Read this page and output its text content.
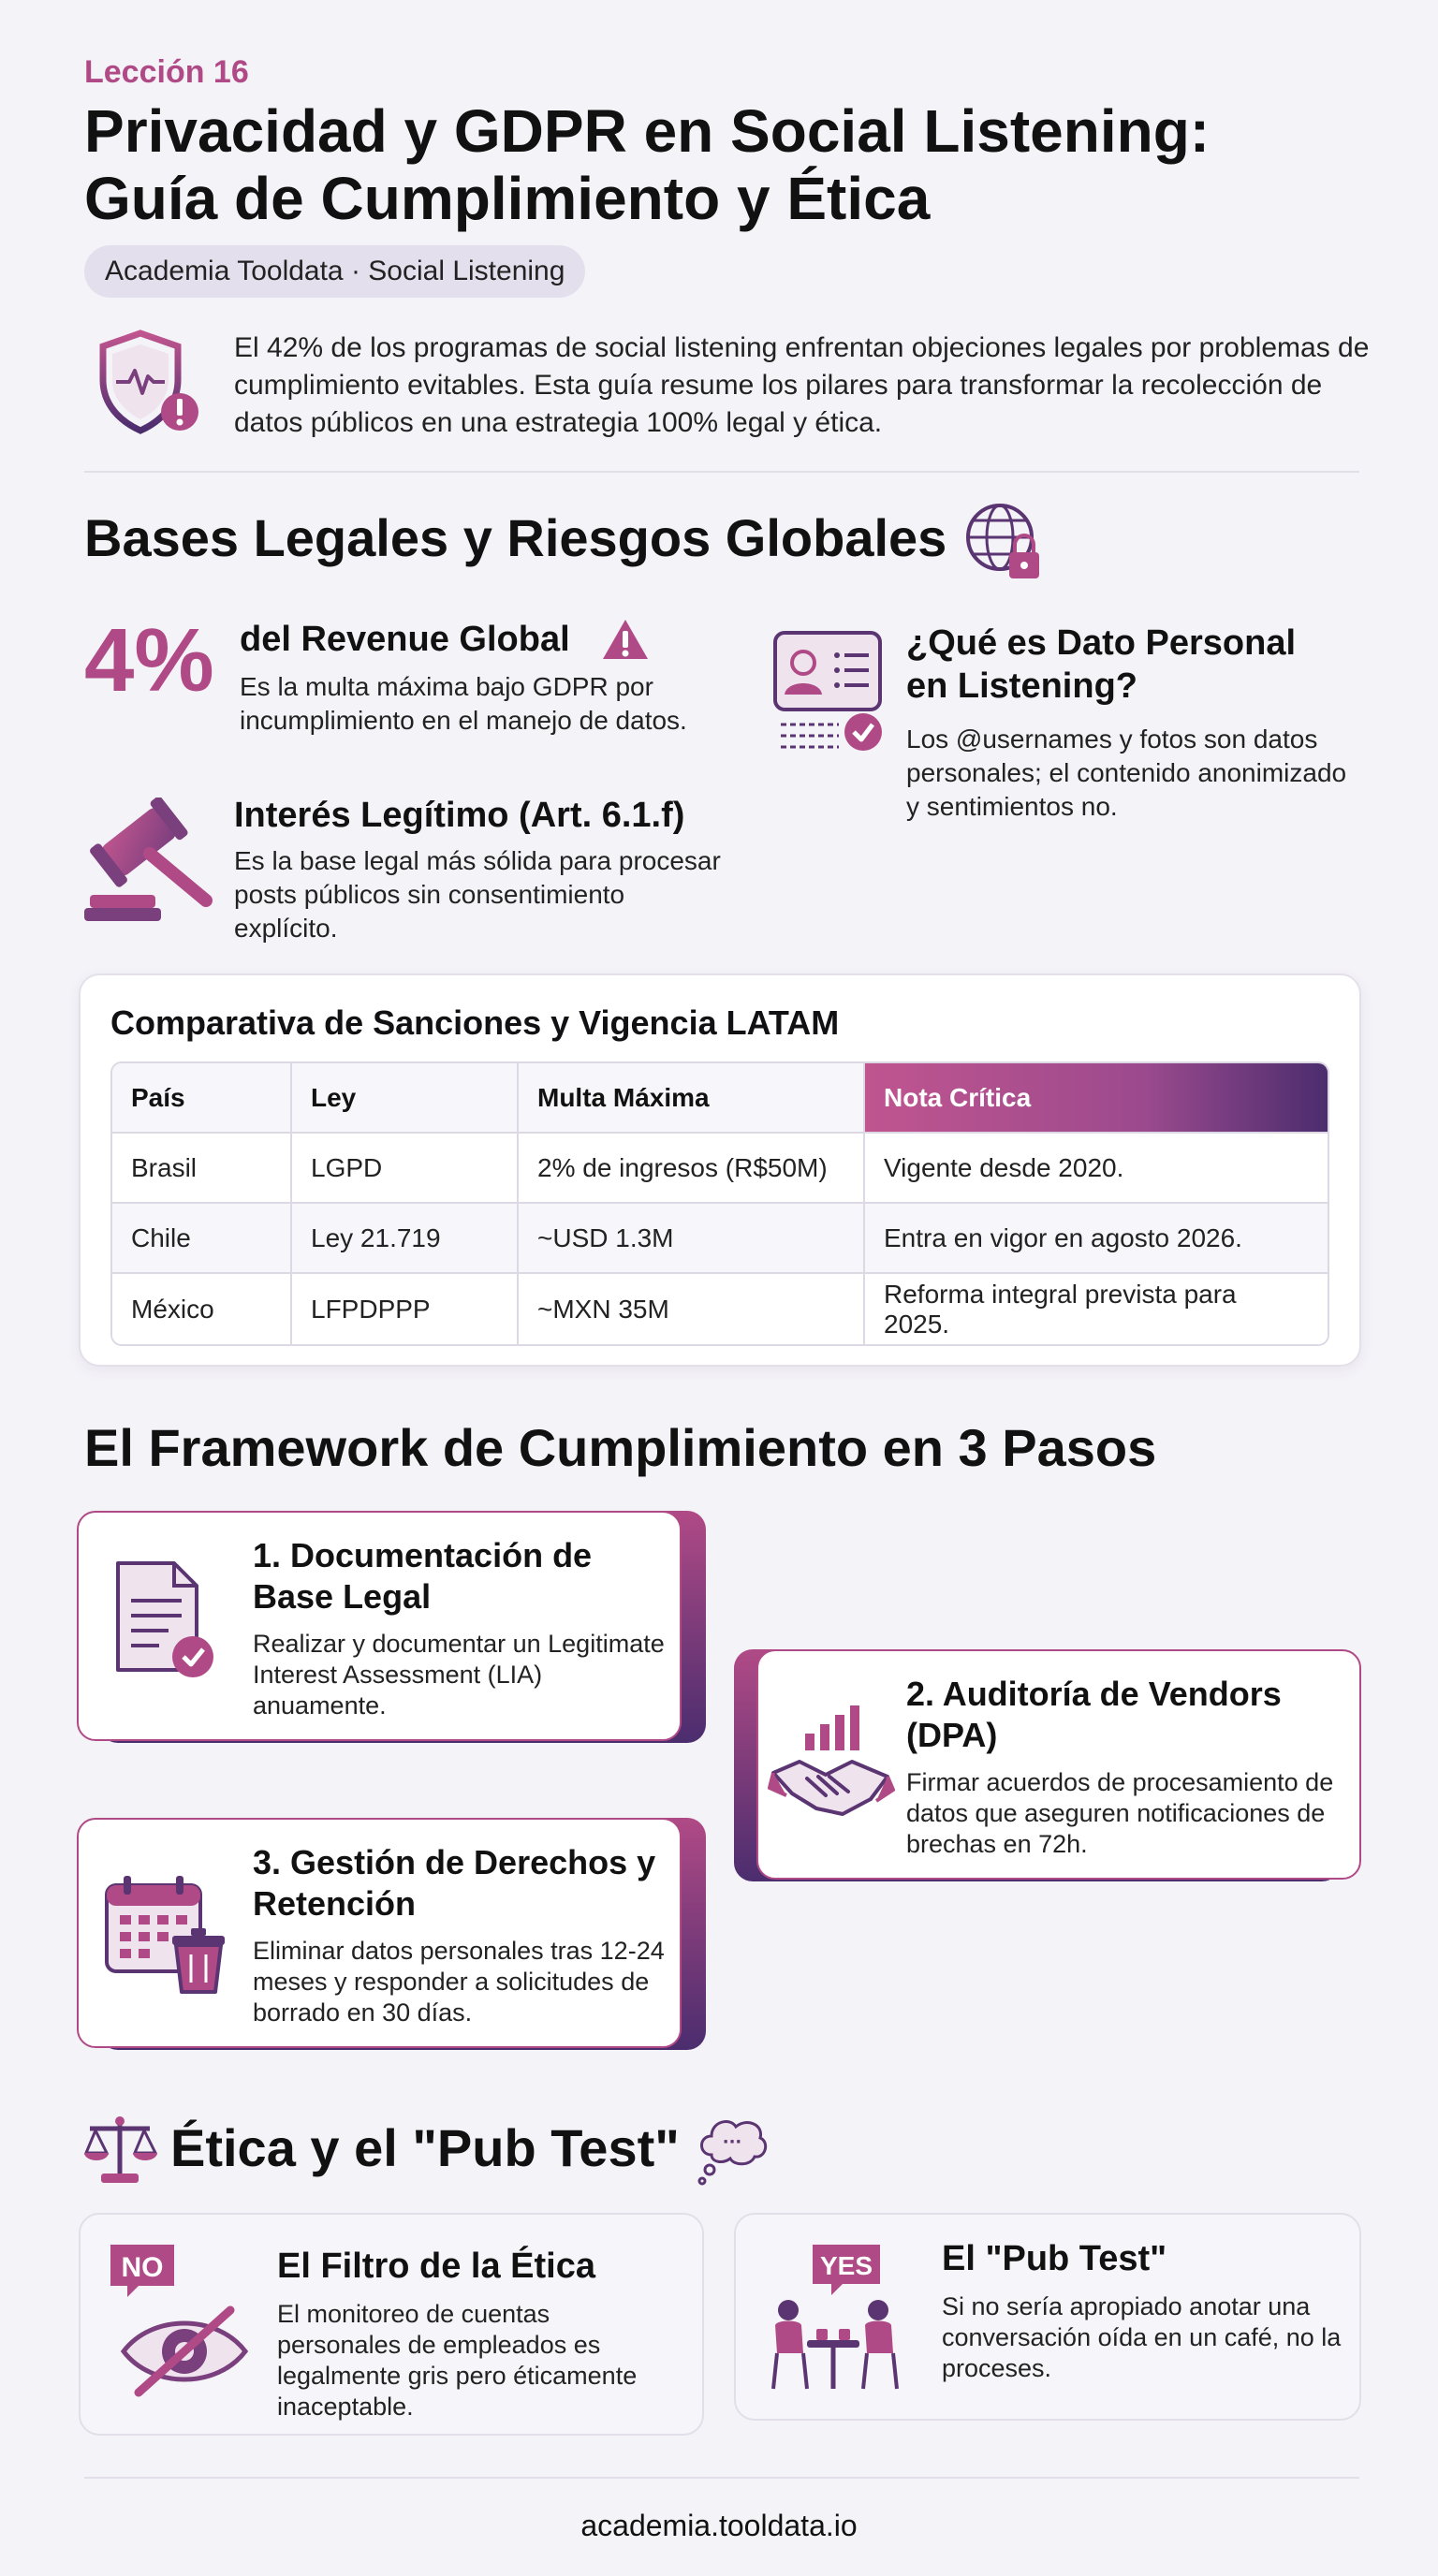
Lección 16
Privacidad y GDPR en Social Listening:
Guía de Cumplimiento y Ética
Academia Tooldata · Social Listening
El 42% de los programas de social listening enfrentan objeciones legales por problemas de cumplimiento evitables. Esta guía resume los pilares para transformar la recolección de datos públicos en una estrategia 100% legal y ética.
Bases Legales y Riesgos Globales
4% del Revenue Global
Es la multa máxima bajo GDPR por incumplimiento en el manejo de datos.
¿Qué es Dato Personal en Listening?
Los @usernames y fotos son datos personales; el contenido anonimizado y sentimientos no.
Interés Legítimo (Art. 6.1.f)
Es la base legal más sólida para procesar posts públicos sin consentimiento explícito.
Comparativa de Sanciones y Vigencia LATAM
País	Ley	Multa Máxima	Nota Crítica
Brasil	LGPD	2% de ingresos (R$50M)	Vigente desde 2020.
Chile	Ley 21.719	~USD 1.3M	Entra en vigor en agosto 2026.
México	LFPDPPP	~MXN 35M	Reforma integral prevista para 2025.
El Framework de Cumplimiento en 3 Pasos
1. Documentación de Base Legal
Realizar y documentar un Legitimate Interest Assessment (LIA) anuamente.	2. Auditoría de Vendors (DPA)
Firmar acuerdos de procesamiento de datos que aseguren notificaciones de brechas en 72h.
3. Gestión de Derechos y Retención
Eliminar datos personales tras 12-24 meses y responder a solicitudes de borrado en 30 días.
Ética y el "Pub Test"	···
NO	El Filtro de la Ética
El monitoreo de cuentas personales de empleados es legalmente gris pero éticamente inaceptable.
YES El "Pub Test"
Si no sería apropiado anotar una conversación oída en un café, no la proceses.
academia.tooldata.io
